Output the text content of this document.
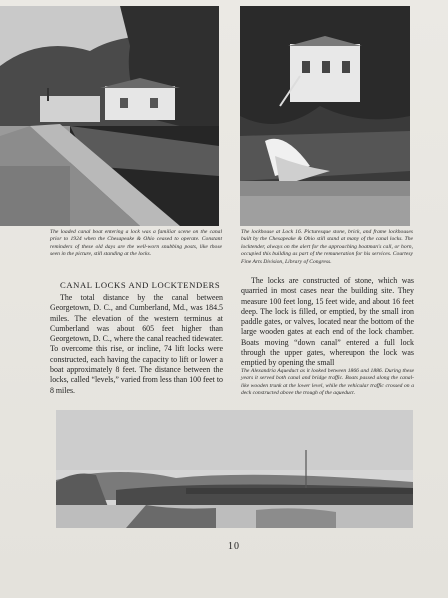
The loaded canal boat entering a lock was a familiar scene on the canal prior to 1924 when the Chesapeake & Ohio ceased to operate. Constant reminders of these old days are the well-worn snubbing posts, like those seen in the picture, still standing at the locks.
The lockhouse at Lock 16. Picturesque stone, brick, and frame lockhouses built by the Chesapeake & Ohio still stand at many of the canal locks. The locktender, always on the alert for the approaching boatman's call, or horn, occupied this building as part of the remuneration for his services. Courtesy Fine Arts Division, Library of Congress.
CANAL LOCKS AND LOCKTENDERS
The total distance by the canal between Georgetown, D. C., and Cumberland, Md., was 184.5 miles. The elevation of the western terminus at Cumberland was about 605 feet higher than Georgetown, D. C., where the canal reached tidewater. To overcome this rise, or incline, 74 lift locks were constructed, each having the capacity to lift or lower a boat approximately 8 feet. The distance between the locks, called “levels,” varied from less than 100 feet to 8 miles.
The locks are constructed of stone, which was quarried in most cases near the building site. They measure 100 feet long, 15 feet wide, and about 16 feet deep. The lock is filled, or emptied, by the small iron paddle gates, or valves, located near the bottom of the large wooden gates at each end of the lock chamber. Boats moving “down canal” entered a full lock through the upper gates, whereupon the lock was emptied by opening the small
The Alexandria Aqueduct as it looked between 1866 and 1886. During these years it served both canal and bridge traffic. Boats passed along the canal-like wooden trunk at the lower level, while the vehicular traffic crossed on a deck constructed above the trough of the aqueduct.
10
